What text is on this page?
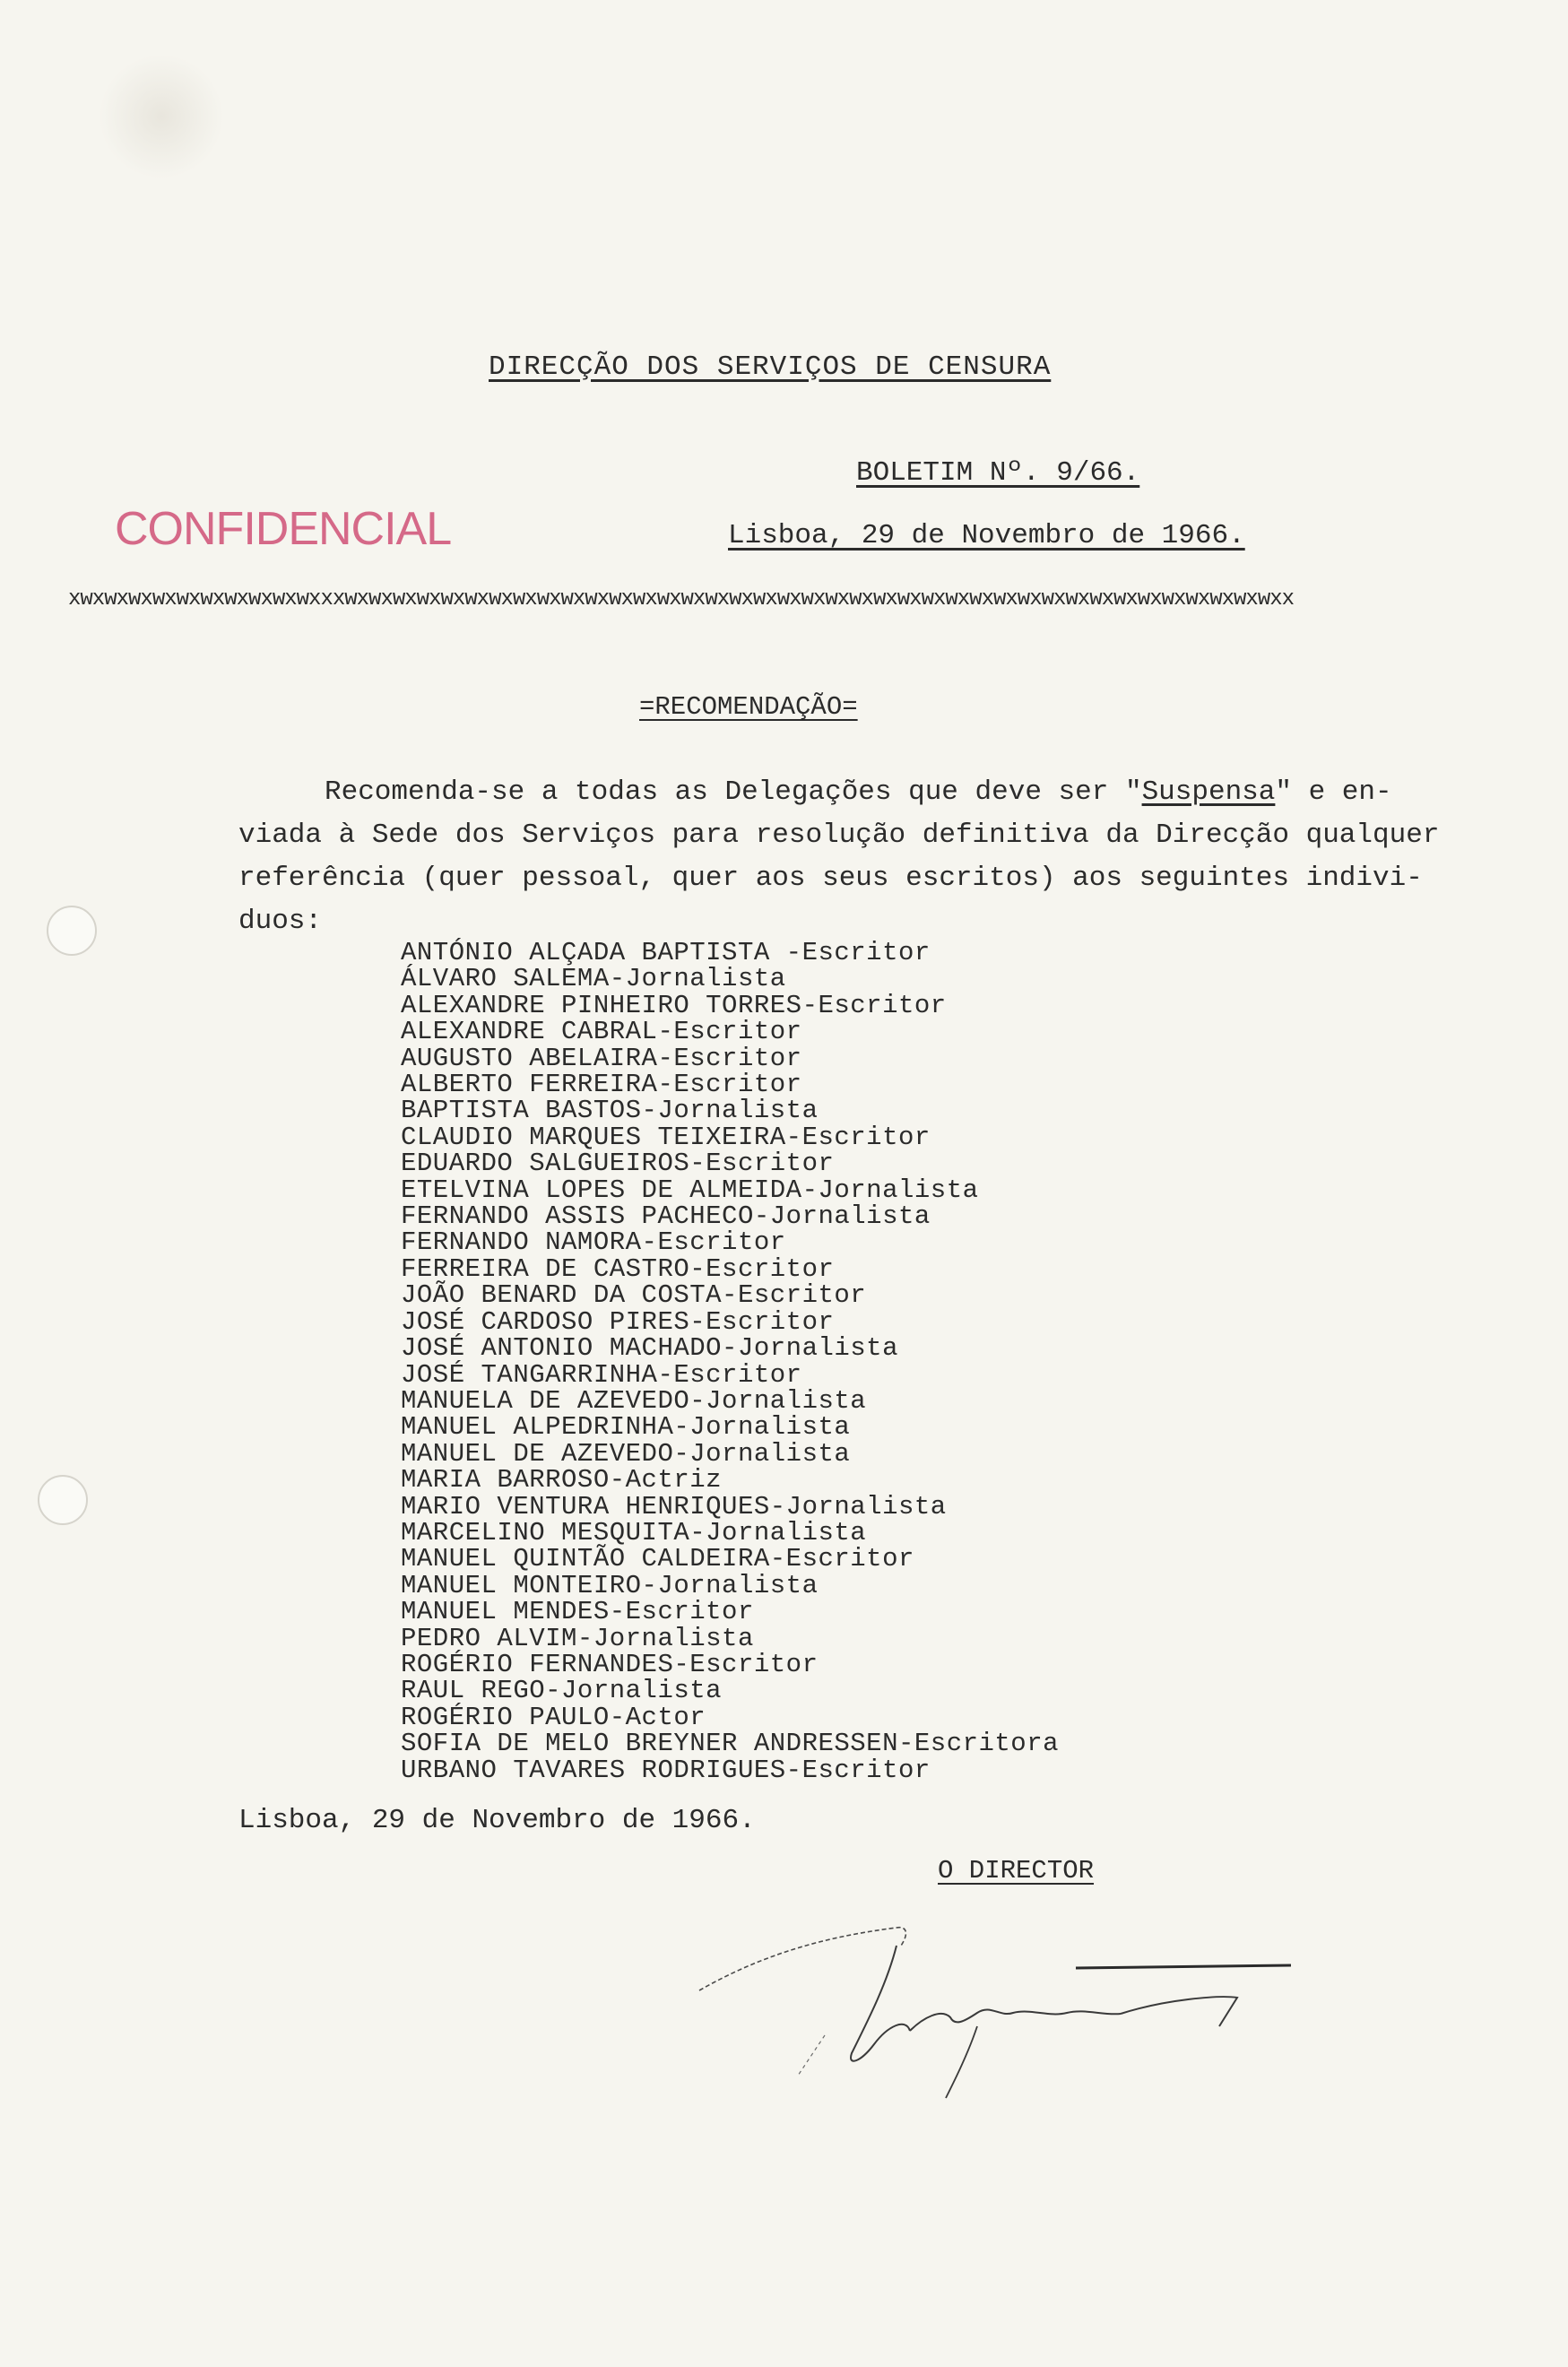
DIRECÇÃO DOS SERVIÇOS DE CENSURA
BOLETIM Nº. 9/66.
CONFIDENCIAL	Lisboa, 29 de Novembro de 1966.
xwxwxwxwxwxwxwxwxwxwxxxwxwxwxwxwxwxwxwxwxwxwxwxwxwxwxwxwxwxwxwxwxwxwxwxwxwxwxwxwxwxwxwxwxwxwxwxwxwxwxx
=RECOMENDAÇÃO=
Recomenda-se a todas as Delegações que deve ser "Suspensa" e en-
viada à Sede dos Serviços para resolução definitiva da Direcção qualquer
referência (quer pessoal, quer aos seus escritos) aos seguintes indivi-
duos:
ANTÓNIO ALÇADA BAPTISTA -Escritor
ÁLVARO SALEMA-Jornalista
ALEXANDRE PINHEIRO TORRES-Escritor
ALEXANDRE CABRAL-Escritor
AUGUSTO ABELAIRA-Escritor
ALBERTO FERREIRA-Escritor
BAPTISTA BASTOS-Jornalista
CLAUDIO MARQUES TEIXEIRA-Escritor
EDUARDO SALGUEIROS-Escritor
ETELVINA LOPES DE ALMEIDA-Jornalista
FERNANDO ASSIS PACHECO-Jornalista
FERNANDO NAMORA-Escritor
FERREIRA DE CASTRO-Escritor
JOÃO BENARD DA COSTA-Escritor
JOSÉ CARDOSO PIRES-Escritor
JOSÉ ANTONIO MACHADO-Jornalista
JOSÉ TANGARRINHA-Escritor
MANUELA DE AZEVEDO-Jornalista
MANUEL ALPEDRINHA-Jornalista
MANUEL DE AZEVEDO-Jornalista
MARIA BARROSO-Actriz
MARIO VENTURA HENRIQUES-Jornalista
MARCELINO MESQUITA-Jornalista
MANUEL QUINTÃO CALDEIRA-Escritor
MANUEL MONTEIRO-Jornalista
MANUEL MENDES-Escritor
PEDRO ALVIM-Jornalista
ROGÉRIO FERNANDES-Escritor
RAUL REGO-Jornalista
ROGÉRIO PAULO-Actor
SOFIA DE MELO BREYNER ANDRESSEN-Escritora
URBANO TAVARES RODRIGUES-Escritor
Lisboa, 29 de Novembro de 1966.
O DIRECTOR
